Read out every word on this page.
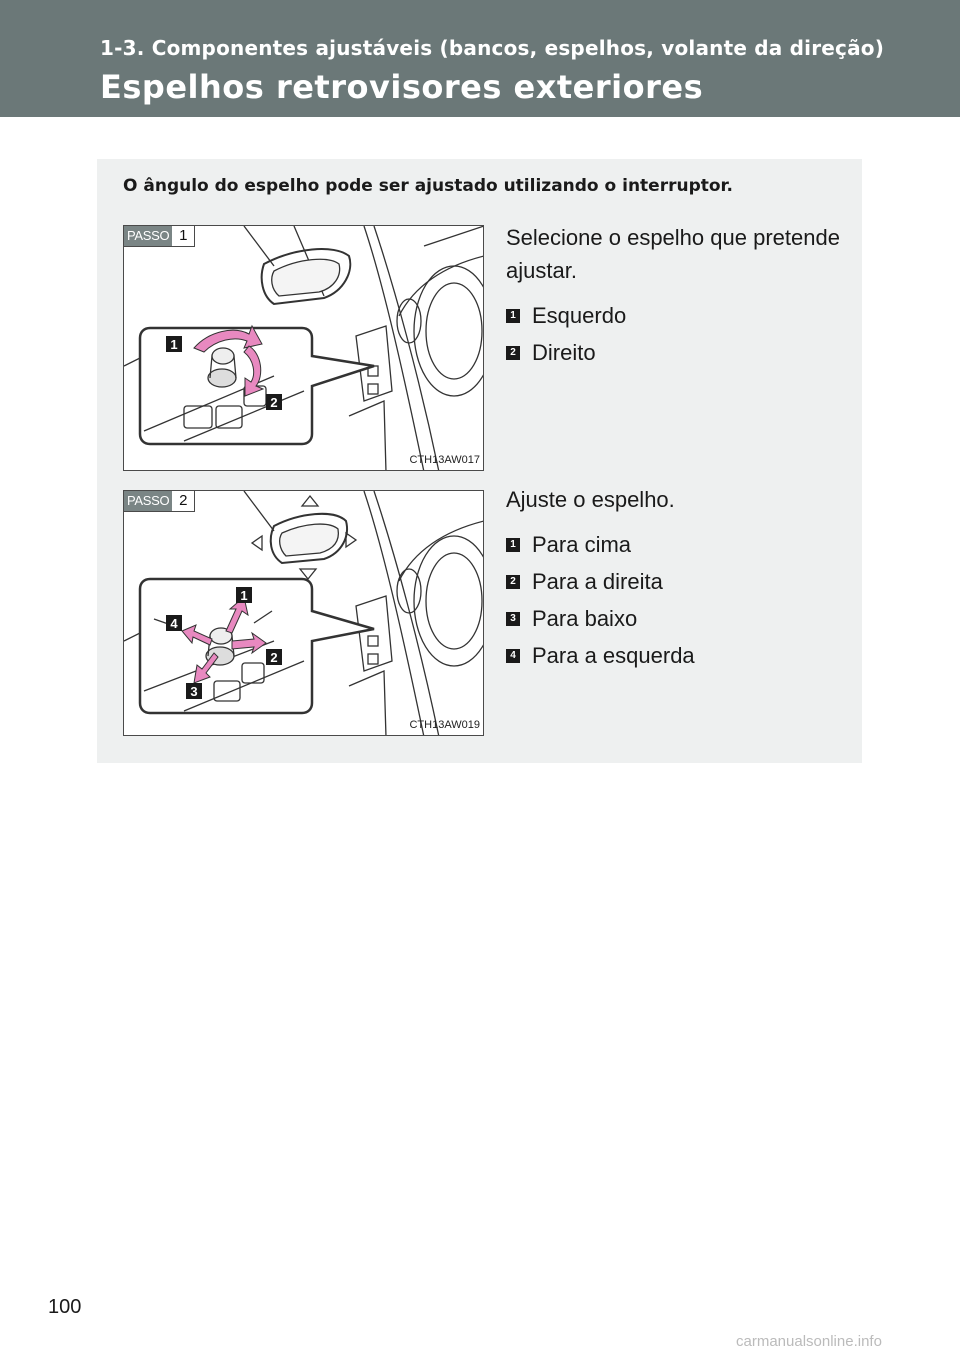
1-3. Componentes ajustáveis (bancos, espelhos, volante da direção)
Espelhos retrovisores exteriores
O ângulo do espelho pode ser ajustado utilizando o interruptor.
1
2
PASSO 1
CTH13AW017

Selecione o espelho que pretende ajustar.

1 Esquerdo
2 Direito
1
2
3
4
PASSO 2
CTH13AW019

Ajuste o espelho.

1 Para cima
2 Para a direita
3 Para baixo
4 Para a esquerda
100
carmanualsonline.info
